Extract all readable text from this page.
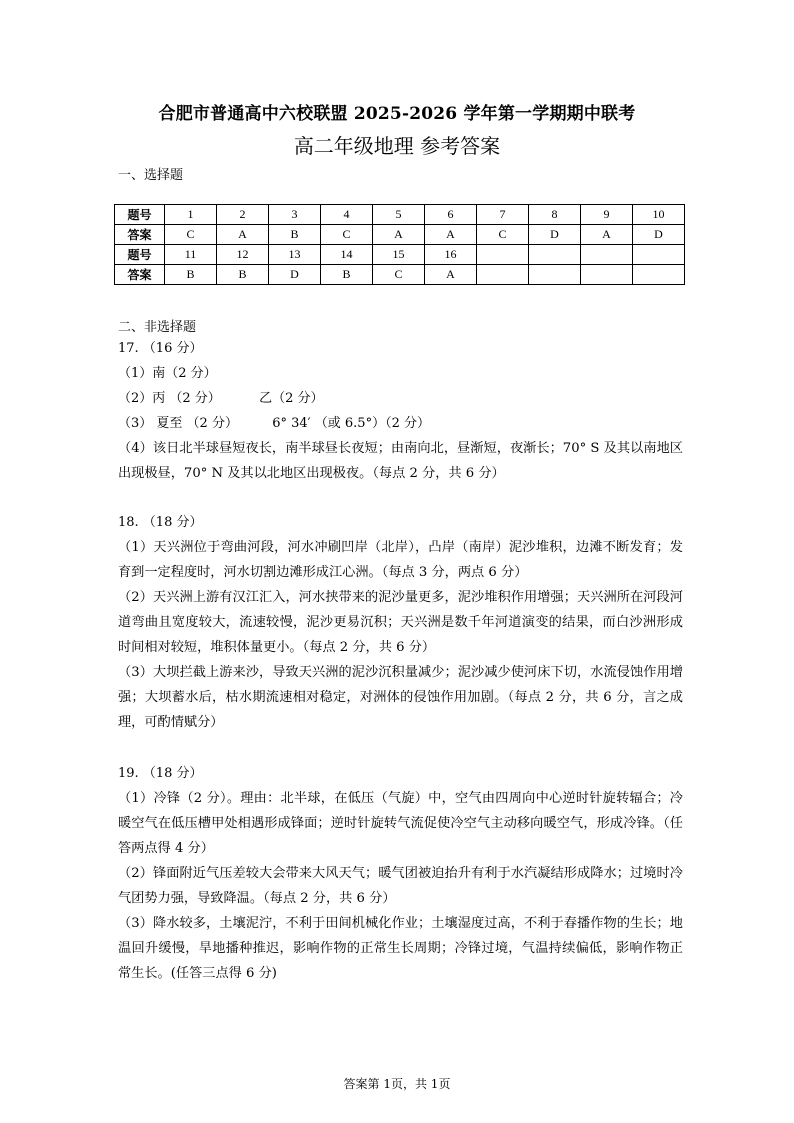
合肥市普通高中六校联盟 2025-2026 学年第一学期期中联考
高二年级地理 参考答案
一、选择题
题号	1	2	3	4	5	6	7	8	9	10
答案	C	A	B	C	A	A	C	D	A	D
题号	11	12	13	14	15	16				
答案	B	B	D	B	C	A				
二、非选择题
17. （16 分）
（1）南（2 分）
（2）丙 （2 分）	乙（2 分）
（3） 夏至 （2 分）	6° 34′ （或 6.5°）（2 分）
（4）该日北半球昼短夜长，南半球昼长夜短；由南向北，昼渐短，夜渐长；70° S 及其以南地区出现极昼，70° N 及其以北地区出现极夜。（每点 2 分，共 6 分）
18. （18 分）
（1）天兴洲位于弯曲河段，河水冲刷凹岸（北岸），凸岸（南岸）泥沙堆积，边滩不断发育；发育到一定程度时，河水切割边滩形成江心洲。（每点 3 分，两点 6 分）
（2）天兴洲上游有汉江汇入，河水挟带来的泥沙量更多，泥沙堆积作用增强；天兴洲所在河段河道弯曲且宽度较大，流速较慢，泥沙更易沉积；天兴洲是数千年河道演变的结果，而白沙洲形成时间相对较短，堆积体量更小。（每点 2 分，共 6 分）
（3）大坝拦截上游来沙，导致天兴洲的泥沙沉积量减少；泥沙减少使河床下切，水流侵蚀作用增强；大坝蓄水后，枯水期流速相对稳定，对洲体的侵蚀作用加剧。（每点 2 分，共 6 分，言之成理，可酌情赋分）
19. （18 分）
（1）冷锋（2 分）。理由：北半球，在低压（气旋）中，空气由四周向中心逆时针旋转辐合；冷暖空气在低压槽甲处相遇形成锋面；逆时针旋转气流促使冷空气主动移向暖空气，形成冷锋。（任答两点得 4 分）
（2）锋面附近气压差较大会带来大风天气；暖气团被迫抬升有利于水汽凝结形成降水；过境时冷气团势力强，导致降温。（每点 2 分，共 6 分）
（3）降水较多，土壤泥泞，不利于田间机械化作业；土壤湿度过高，不利于春播作物的生长；地温回升缓慢，旱地播种推迟，影响作物的正常生长周期；冷锋过境，气温持续偏低，影响作物正常生长。(任答三点得 6 分)
答案第 1页，共 1页
